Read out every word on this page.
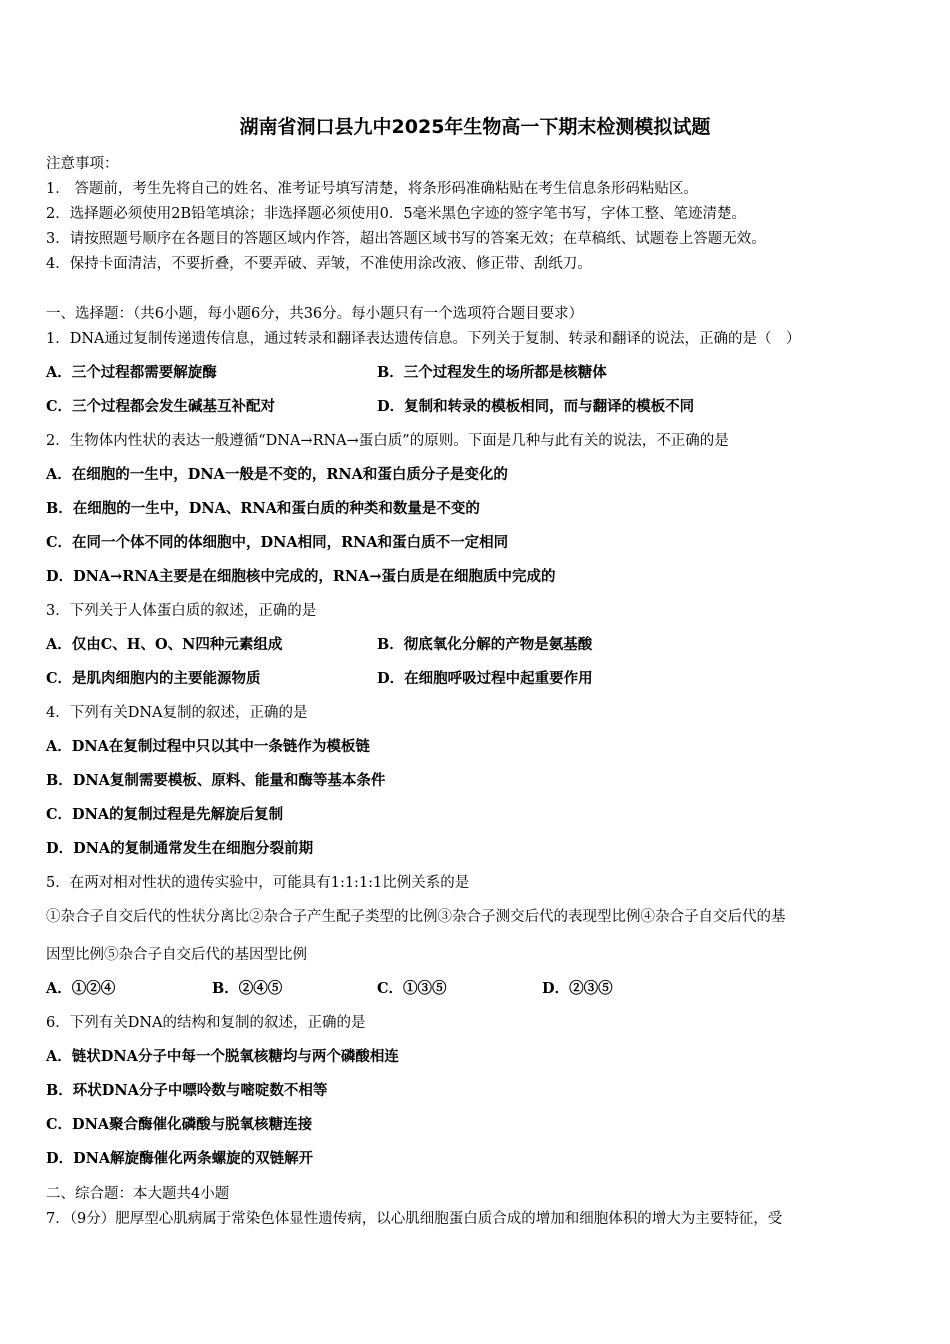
湖南省洞口县九中2025年生物高一下期末检测模拟试题
注意事项：
1． 答题前，考生先将自己的姓名、准考证号填写清楚，将条形码准确粘贴在考生信息条形码粘贴区。
2．选择题必须使用2B铅笔填涂；非选择题必须使用0．5毫米黑色字迹的签字笔书写，字体工整、笔迹清楚。
3．请按照题号顺序在各题目的答题区域内作答，超出答题区域书写的答案无效；在草稿纸、试题卷上答题无效。
4．保持卡面清洁，不要折叠，不要弄破、弄皱，不准使用涂改液、修正带、刮纸刀。
一、选择题：（共6小题，每小题6分，共36分。每小题只有一个选项符合题目要求）
1．DNA通过复制传递遗传信息，通过转录和翻译表达遗传信息。下列关于复制、转录和翻译的说法，正确的是（　）
A．三个过程都需要解旋酶	B．三个过程发生的场所都是核糖体
C．三个过程都会发生碱基互补配对	D．复制和转录的模板相同，而与翻译的模板不同
2．生物体内性状的表达一般遵循“DNA→RNA→蛋白质”的原则。下面是几种与此有关的说法，不正确的是
A．在细胞的一生中，DNA一般是不变的，RNA和蛋白质分子是变化的
B．在细胞的一生中，DNA、RNA和蛋白质的种类和数量是不变的
C．在同一个体不同的体细胞中，DNA相同，RNA和蛋白质不一定相同
D．DNA→RNA主要是在细胞核中完成的，RNA→蛋白质是在细胞质中完成的
3．下列关于人体蛋白质的叙述，正确的是
A．仅由C、H、O、N四种元素组成	B．彻底氧化分解的产物是氨基酸
C．是肌肉细胞内的主要能源物质	D．在细胞呼吸过程中起重要作用
4．下列有关DNA复制的叙述，正确的是
A．DNA在复制过程中只以其中一条链作为模板链
B．DNA复制需要模板、原料、能量和酶等基本条件
C．DNA的复制过程是先解旋后复制
D．DNA的复制通常发生在细胞分裂前期
5．在两对相对性状的遗传实验中，可能具有1:1:1:1比例关系的是
①杂合子自交后代的性状分离比②杂合子产生配子类型的比例③杂合子测交后代的表现型比例④杂合子自交后代的基
因型比例⑤杂合子自交后代的基因型比例
A．①②④	B．②④⑤	C．①③⑤	D．②③⑤
6．下列有关DNA的结构和复制的叙述，正确的是
A．链状DNA分子中每一个脱氧核糖均与两个磷酸相连
B．环状DNA分子中嘌呤数与嘧啶数不相等
C．DNA聚合酶催化磷酸与脱氧核糖连接
D．DNA解旋酶催化两条螺旋的双链解开
二、综合题：本大题共4小题
7．（9分）肥厚型心肌病属于常染色体显性遗传病，以心肌细胞蛋白质合成的增加和细胞体积的增大为主要特征，受
